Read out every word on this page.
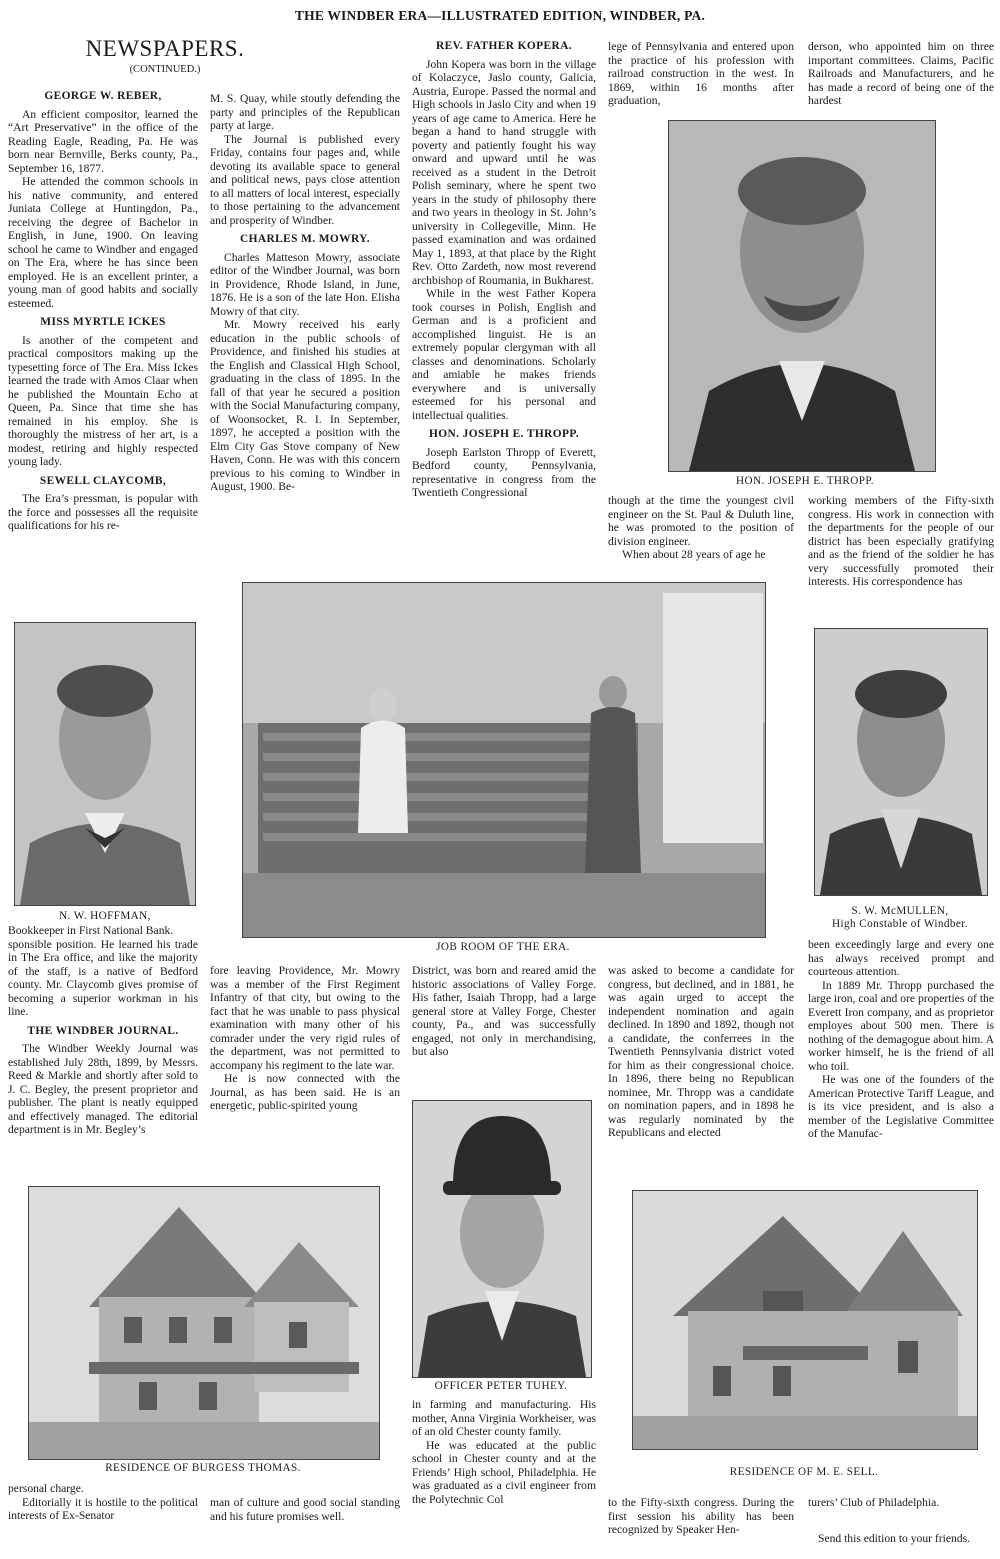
THE WINDBER ERA—ILLUSTRATED EDITION, WINDBER, PA.
NEWSPAPERS.
(CONTINUED.)
GEORGE W. REBER,

An efficient compositor, learned the “Art Preservative” in the office of the Reading Eagle, Reading, Pa. He was born near Bernville, Berks county, Pa., September 16, 1877.

He attended the common schools in his native community, and entered Juniata College at Huntingdon, Pa., receiving the degree of Bachelor in English, in June, 1900. On leaving school he came to Windber and engaged on The Era, where he has since been employed. He is an excellent printer, a young man of good habits and socially esteemed.

MISS MYRTLE ICKES

Is another of the competent and practical compositors making up the typesetting force of The Era. Miss Ickes learned the trade with Amos Claar when he published the Mountain Echo at Queen, Pa. Since that time she has remained in his employ. She is thoroughly the mistress of her art, is a modest, retiring and highly respected young lady.

SEWELL CLAYCOMB,

The Era’s pressman, is popular with the force and possesses all the requisite qualifications for his re-

M. S. Quay, while stoutly defending the party and principles of the Republican party at large.

The Journal is published every Friday, contains four pages and, while devoting its available space to general and political news, pays close attention to all matters of local interest, especially to those pertaining to the advancement and prosperity of Windber.

CHARLES M. MOWRY.

Charles Matteson Mowry, associate editor of the Windber Journal, was born in Providence, Rhode Island, in June, 1876. He is a son of the late Hon. Elisha Mowry of that city.

Mr. Mowry received his early education in the public schools of Providence, and finished his studies at the English and Classical High School, graduating in the class of 1895. In the fall of that year he secured a position with the Social Manufacturing company, of Woonsocket, R. I. In September, 1897, he accepted a position with the Elm City Gas Stove company of New Haven, Conn. He was with this concern previous to his coming to Windber in August, 1900. Be-

REV. FATHER KOPERA.

John Kopera was born in the village of Kolaczyce, Jaslo county, Galicia, Austria, Europe. Passed the normal and High schools in Jaslo City and when 19 years of age came to America. Here he began a hand to hand struggle with poverty and patiently fought his way onward and upward until he was received as a student in the Detroit Polish seminary, where he spent two years in the study of philosophy there and two years in theology in St. John’s university in Collegeville, Minn. He passed examination and was ordained May 1, 1893, at that place by the Right Rev. Otto Zardeth, now most reverend archbishop of Roumania, in Bukharest.

While in the west Father Kopera took courses in Polish, English and German and is a proficient and accomplished linguist. He is an extremely popular clergyman with all classes and denominations. Scholarly and amiable he makes friends everywhere and is universally esteemed for his personal and intellectual qualities.

HON. JOSEPH E. THROPP.

Joseph Earlston Thropp of Everett, Bedford county, Pennsylvania, representative in congress from the Twentieth Congressional

lege of Pennsylvania and entered upon the practice of his profession with railroad construction in the west. In 1869, within 16 months after graduation,

derson, who appointed him on three important committees. Claims, Pacific Railroads and Manufacturers, and he has made a record of being one of the hardest

HON. JOSEPH E. THROPP.

though at the time the youngest civil engineer on the St. Paul & Duluth line, he was promoted to the position of division engineer.

When about 28 years of age he

working members of the Fifty-sixth congress. His work in connection with the departments for the people of our district has been especially gratifying and as the friend of the soldier he has very successfully promoted their interests. His correspondence has

N. W. HOFFMAN,
JOB ROOM OF THE ERA.
S. W. McMULLEN,
High Constable of Windber.

Bookkeeper in First National Bank.

sponsible position. He learned his trade in The Era office, and like the majority of the staff, is a native of Bedford county. Mr. Claycomb gives promise of becoming a superior workman in his line.

THE WINDBER JOURNAL.

The Windber Weekly Journal was established July 28th, 1899, by Messrs. Reed & Markle and shortly after sold to J. C. Begley, the present proprietor and publisher. The plant is neatly equipped and effectively managed. The editorial department is in Mr. Begley’s

fore leaving Providence, Mr. Mowry was a member of the First Regiment Infantry of that city, but owing to the fact that he was unable to pass physical examination with many other of his comrader under the very rigid rules of the department, was not permitted to accompany his regiment to the late war.

He is now connected with the Journal, as has been said. He is an energetic, public-spirited young

District, was born and reared amid the historic associations of Valley Forge. His father, Isaiah Thropp, had a large general store at Valley Forge, Chester county, Pa., and was successfully engaged, not only in merchandising, but also

was asked to become a candidate for congress, but declined, and in 1881, he was again urged to accept the independent nomination and again declined. In 1890 and 1892, though not a candidate, the conferrees in the Twentieth Pennsylvania district voted for him as their congressional choice. In 1896, there being no Republican nominee, Mr. Thropp was a candidate on nomination papers, and in 1898 he was regularly nominated by the Republicans and elected

been exceedingly large and every one has always received prompt and courteous attention.

In 1889 Mr. Thropp purchased the large iron, coal and ore properties of the Everett Iron company, and as proprietor employes about 500 men. There is nothing of the demagogue about him. A worker himself, he is the friend of all who toil.

He was one of the founders of the American Protective Tariff League, and is its vice president, and is also a member of the Legislative Committee of the Manufac-

RESIDENCE OF BURGESS THOMAS.
OFFICER PETER TUHEY.

in farming and manufacturing. His mother, Anna Virginia Workheiser, was of an old Chester county family.

He was educated at the public school in Chester county and at the Friends’ High school, Philadelphia. He was graduated as a civil engineer from the Polytechnic Col

RESIDENCE OF M. E. SELL.

personal charge.

Editorially it is hostile to the political interests of Ex-Senator

man of culture and good social standing and his future promises well.

to the Fifty-sixth congress. During the first session his ability has been recognized by Speaker Hen-

turers’ Club of Philadelphia.

Send this edition to your friends.
